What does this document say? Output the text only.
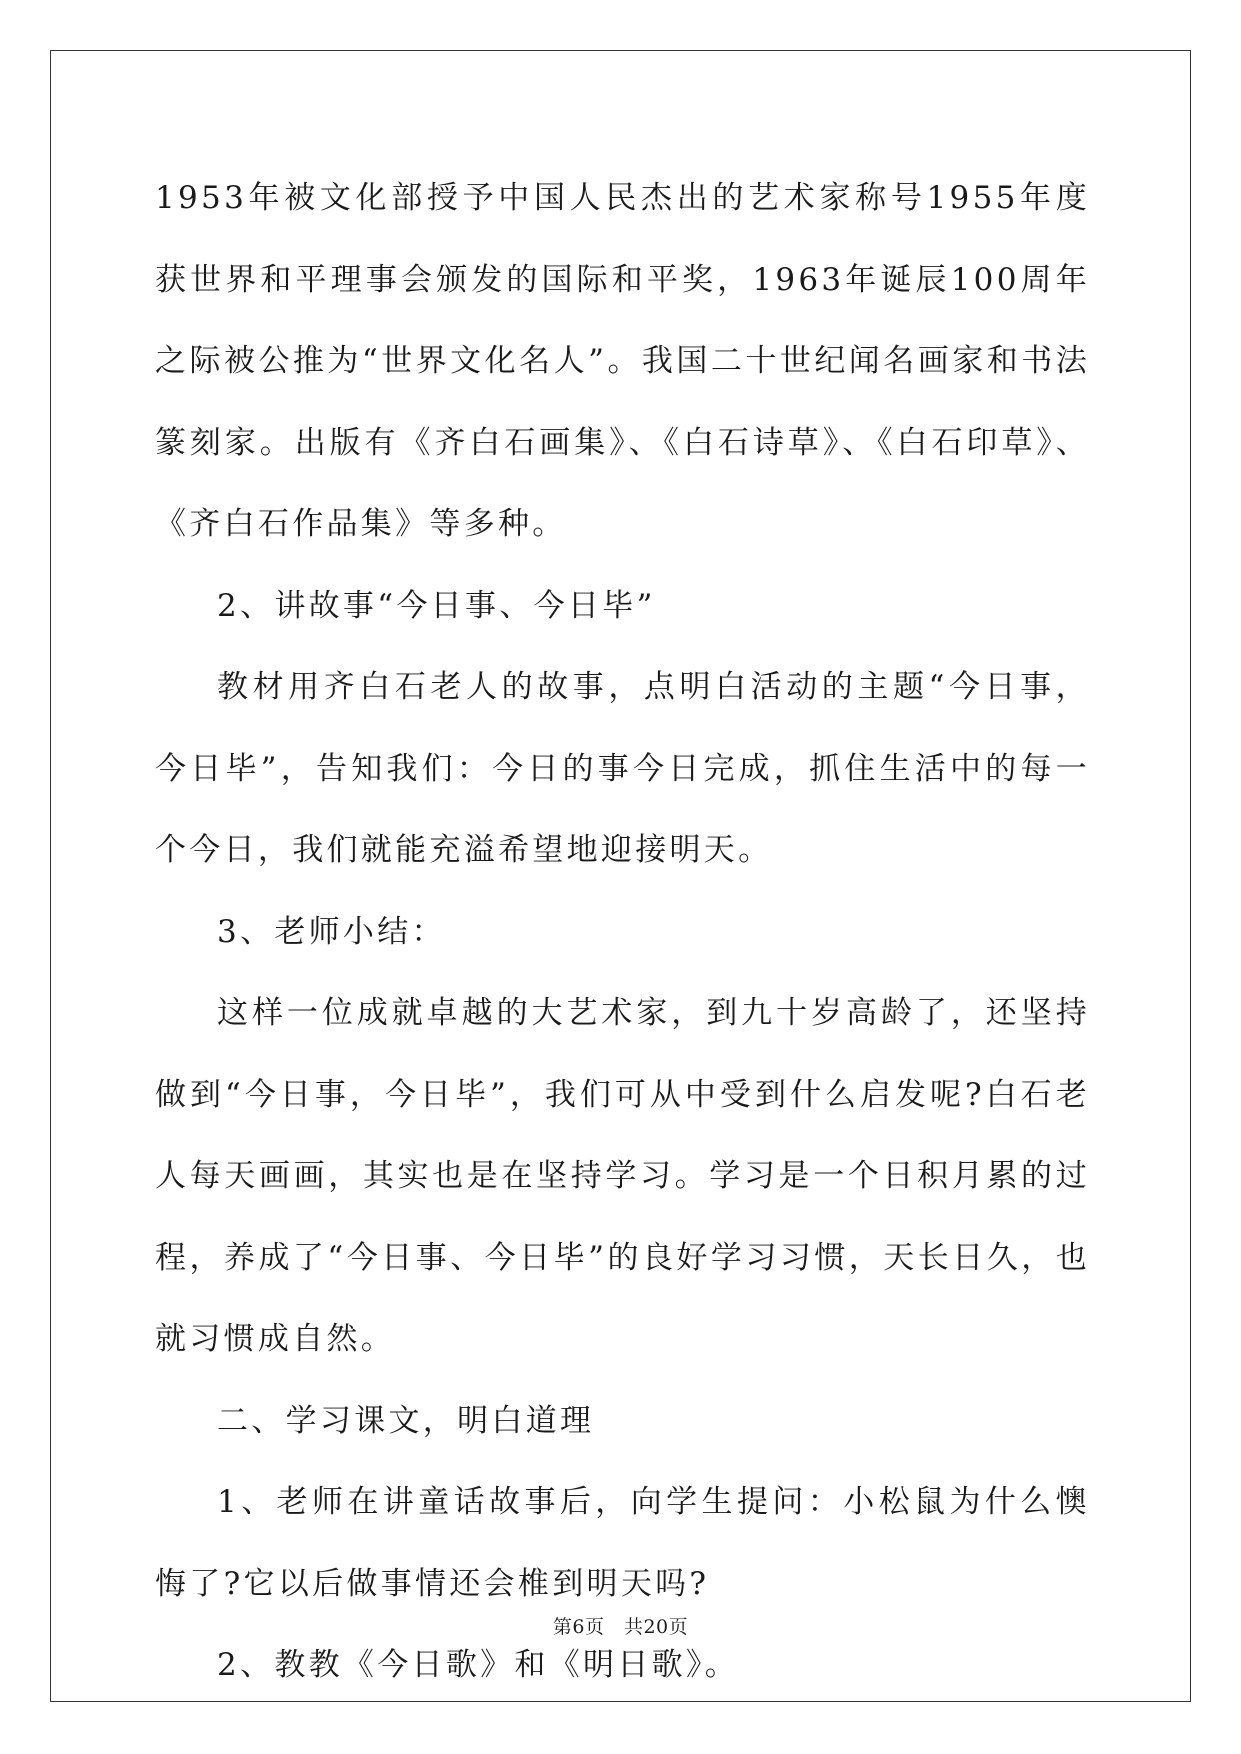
1953年被文化部授予中国人民杰出的艺术家称号1955年度获世界和平理事会颁发的国际和平奖，1963年诞辰100周年之际被公推为“世界文化名人”。我国二十世纪闻名画家和书法篆刻家。出版有《齐白石画集》、《白石诗草》、《白石印草》、《齐白石作品集》等多种。

2、讲故事“今日事、今日毕”

教材用齐白石老人的故事，点明白活动的主题“今日事，今日毕”，告知我们：今日的事今日完成，抓住生活中的每一个今日，我们就能充溢希望地迎接明天。

3、老师小结：

这样一位成就卓越的大艺术家，到九十岁高龄了，还坚持做到“今日事，今日毕”，我们可从中受到什么启发呢?白石老人每天画画，其实也是在坚持学习。学习是一个日积月累的过程，养成了“今日事、今日毕”的良好学习习惯，天长日久，也就习惯成自然。

二、学习课文，明白道理

1、老师在讲童话故事后，向学生提问：小松鼠为什么懊悔了?它以后做事情还会椎到明天吗?

2、教教《今日歌》和《明日歌》。

第6页　共20页
